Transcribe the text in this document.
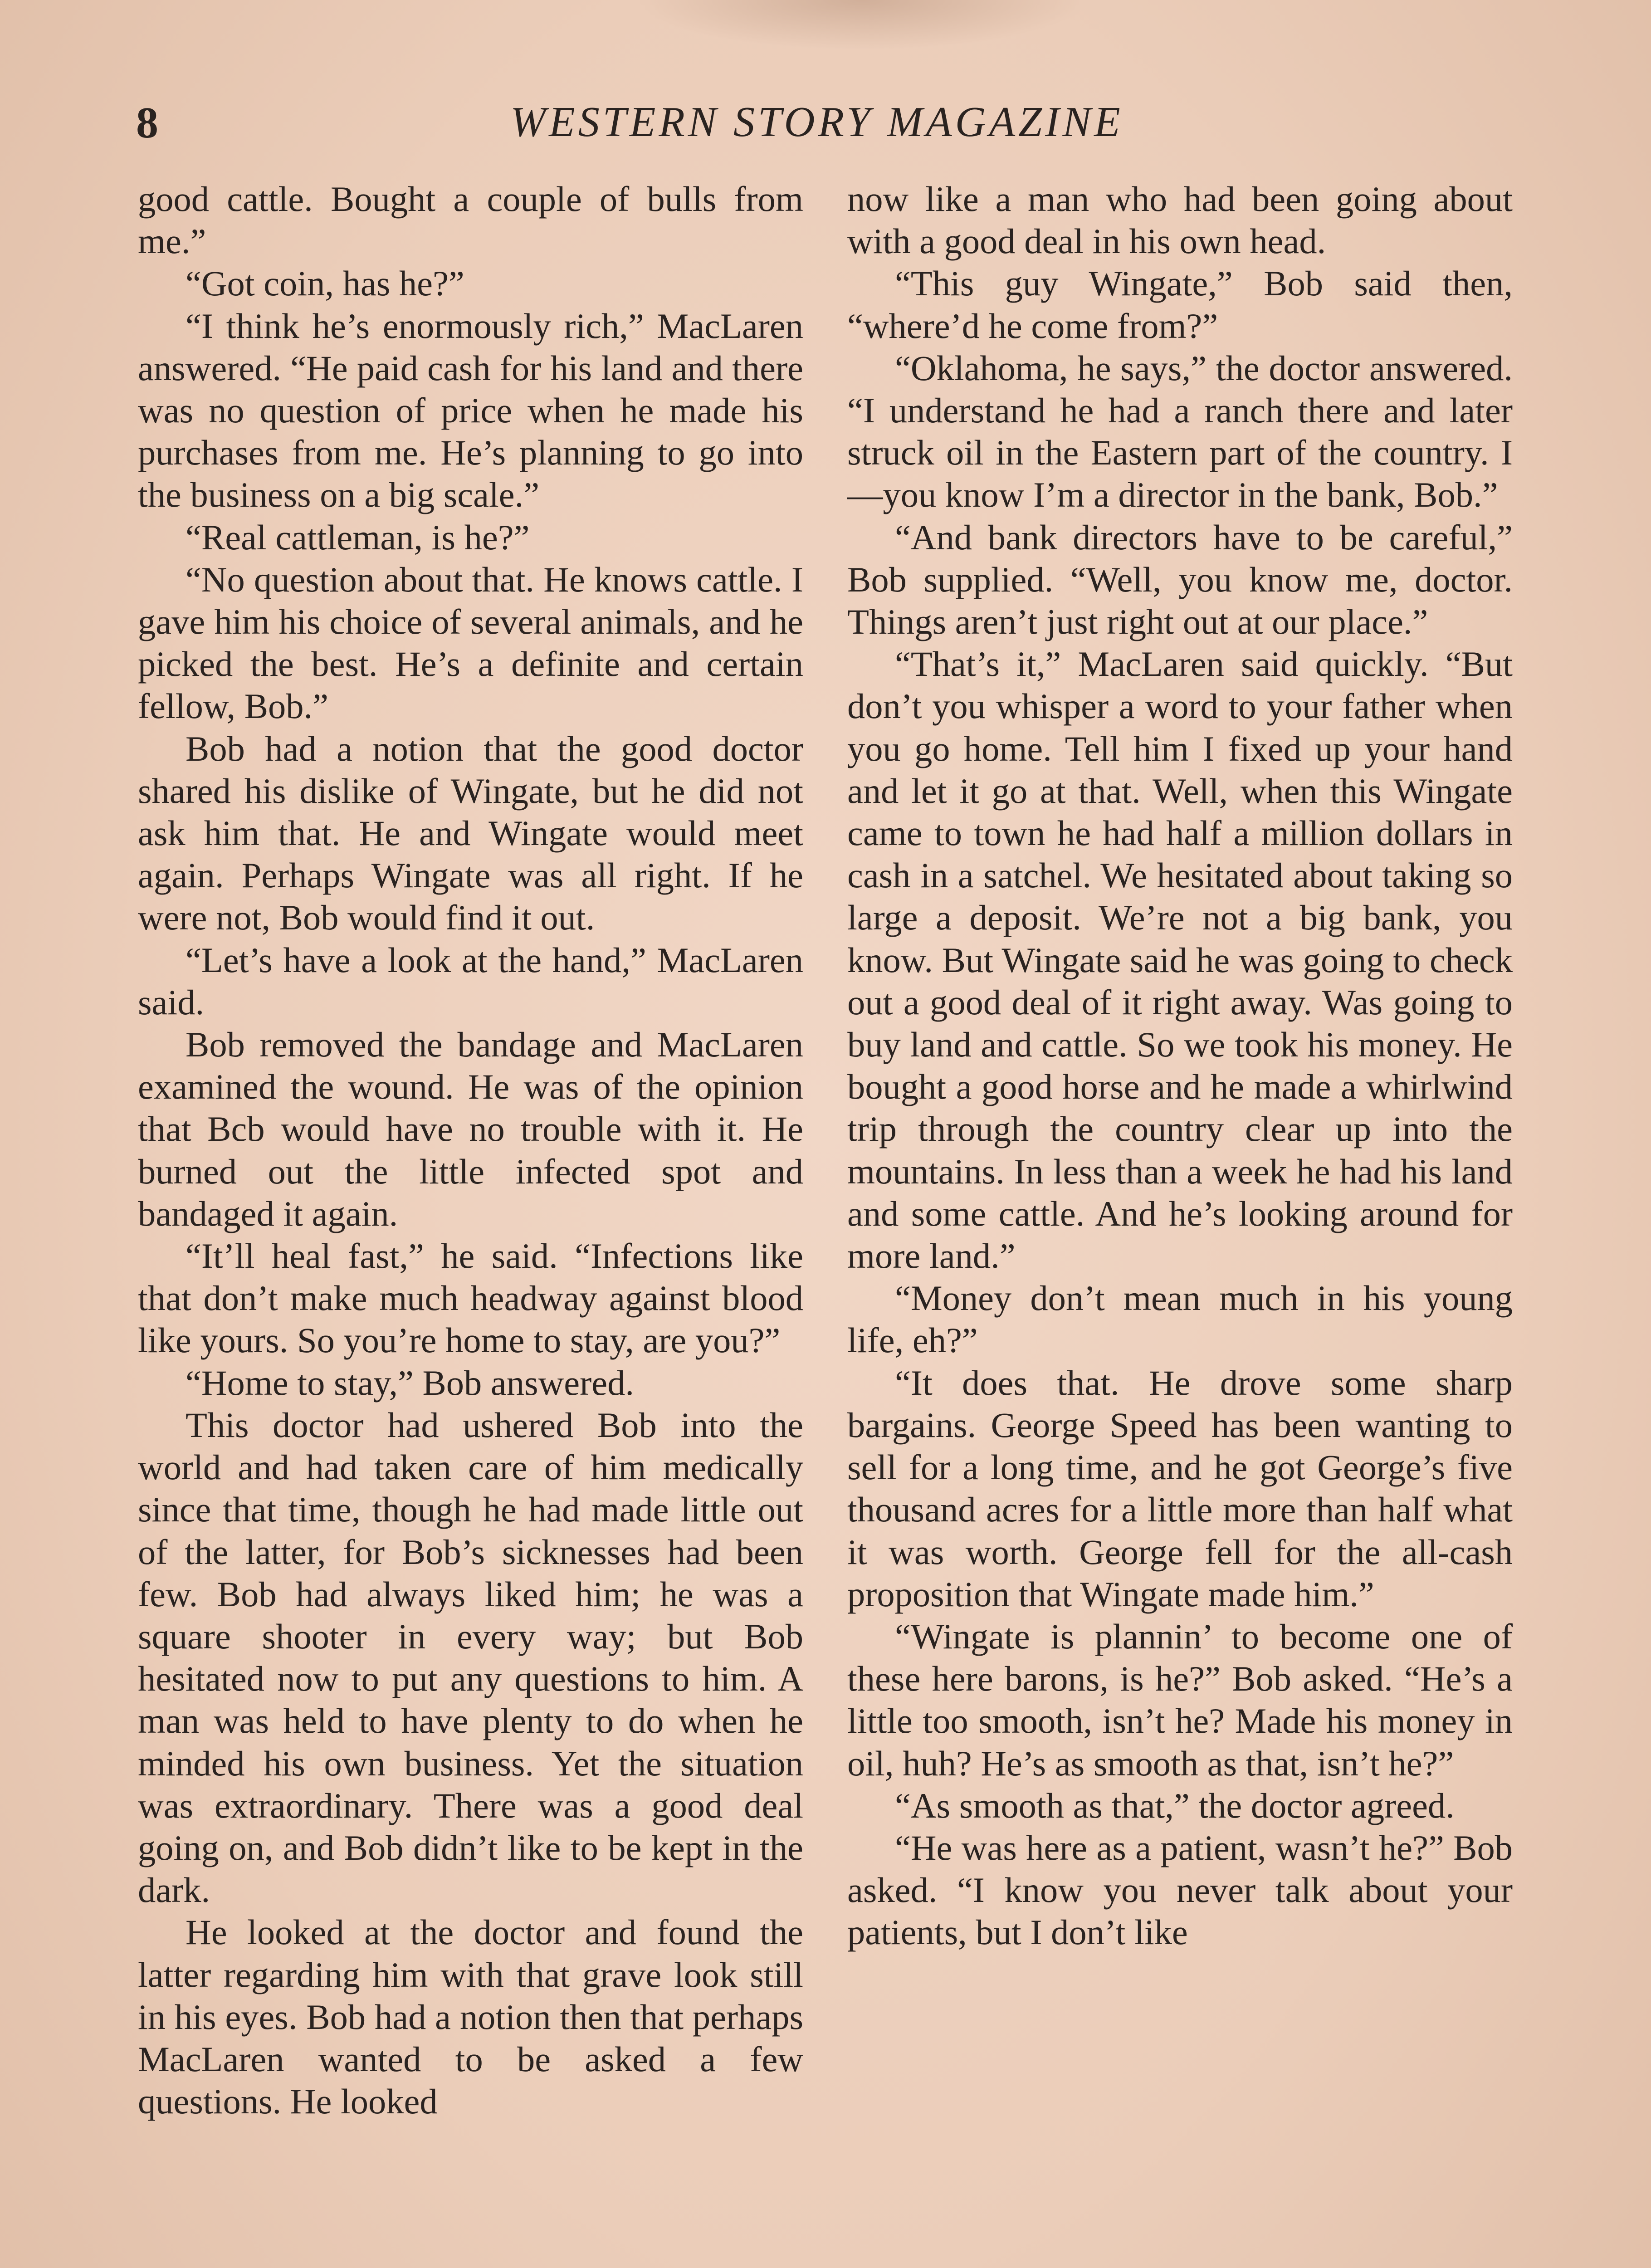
8	WESTERN STORY MAGAZINE

good cattle. Bought a couple of bulls from me.”

“Got coin, has he?”

“I think he’s enormously rich,” MacLaren answered. “He paid cash for his land and there was no question of price when he made his purchases from me. He’s planning to go into the business on a big scale.”

“Real cattleman, is he?”

“No question about that. He knows cattle. I gave him his choice of several animals, and he picked the best. He’s a definite and certain fellow, Bob.”

Bob had a notion that the good doctor shared his dislike of Wingate, but he did not ask him that. He and Wingate would meet again. Perhaps Wingate was all right. If he were not, Bob would find it out.

“Let’s have a look at the hand,” MacLaren said.

Bob removed the bandage and MacLaren examined the wound. He was of the opinion that Bcb would have no trouble with it. He burned out the little infected spot and bandaged it again.

“It’ll heal fast,” he said. “Infections like that don’t make much headway against blood like yours. So you’re home to stay, are you?”

“Home to stay,” Bob answered.

This doctor had ushered Bob into the world and had taken care of him medically since that time, though he had made little out of the latter, for Bob’s sicknesses had been few. Bob had always liked him; he was a square shooter in every way; but Bob hesitated now to put any questions to him. A man was held to have plenty to do when he minded his own business. Yet the situation was extraordinary. There was a good deal going on, and Bob didn’t like to be kept in the dark.

He looked at the doctor and found the latter regarding him with that grave look still in his eyes. Bob had a notion then that perhaps MacLaren wanted to be asked a few questions. He looked

now like a man who had been going about with a good deal in his own head.

“This guy Wingate,” Bob said then, “where’d he come from?”

“Oklahoma, he says,” the doctor answered. “I understand he had a ranch there and later struck oil in the Eastern part of the country. I—you know I’m a director in the bank, Bob.”

“And bank directors have to be careful,” Bob supplied. “Well, you know me, doctor. Things aren’t just right out at our place.”

“That’s it,” MacLaren said quickly. “But don’t you whisper a word to your father when you go home. Tell him I fixed up your hand and let it go at that. Well, when this Wingate came to town he had half a million dollars in cash in a satchel. We hesitated about taking so large a deposit. We’re not a big bank, you know. But Wingate said he was going to check out a good deal of it right away. Was going to buy land and cattle. So we took his money. He bought a good horse and he made a whirlwind trip through the country clear up into the mountains. In less than a week he had his land and some cattle. And he’s looking around for more land.”

“Money don’t mean much in his young life, eh?”

“It does that. He drove some sharp bargains. George Speed has been wanting to sell for a long time, and he got George’s five thousand acres for a little more than half what it was worth. George fell for the all-cash proposition that Wingate made him.”

“Wingate is plannin’ to become one of these here barons, is he?” Bob asked. “He’s a little too smooth, isn’t he? Made his money in oil, huh? He’s as smooth as that, isn’t he?”

“As smooth as that,” the doctor agreed.

“He was here as a patient, wasn’t he?” Bob asked. “I know you never talk about your patients, but I don’t like
